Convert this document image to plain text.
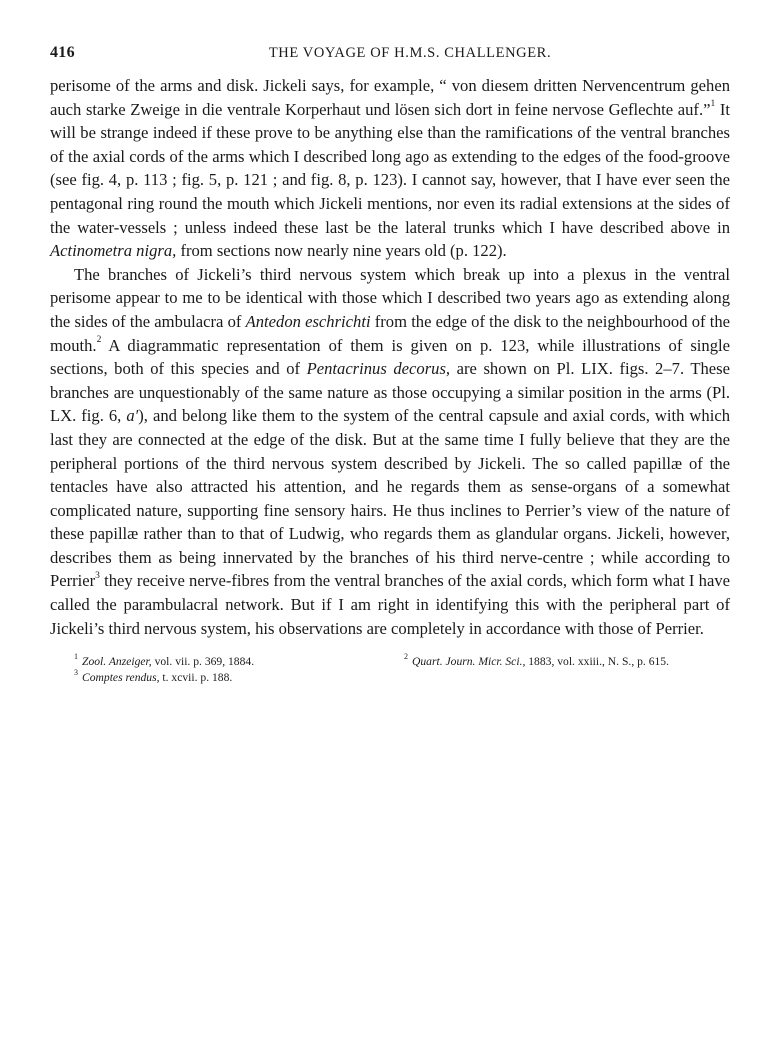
416	THE VOYAGE OF H.M.S. CHALLENGER.

perisome of the arms and disk. Jickeli says, for example, “ von diesem dritten Nervencentrum gehen auch starke Zweige in die ventrale Korperhaut und lösen sich dort in feine nervose Geflechte auf.”$^1$ It will be strange indeed if these prove to be anything else than the ramifications of the ventral branches of the axial cords of the arms which I described long ago as extending to the edges of the food-groove (see fig. 4, p. 113 ; fig. 5, p. 121 ; and fig. 8, p. 123). I cannot say, however, that I have ever seen the pentagonal ring round the mouth which Jickeli mentions, nor even its radial extensions at the sides of the water-vessels ; unless indeed these last be the lateral trunks which I have described above in Actinometra nigra, from sections now nearly nine years old (p. 122).

The branches of Jickeli’s third nervous system which break up into a plexus in the ventral perisome appear to me to be identical with those which I described two years ago as extending along the sides of the ambulacra of Antedon eschrichti from the edge of the disk to the neighbourhood of the mouth.$^2$ A diagrammatic representation of them is given on p. 123, while illustrations of single sections, both of this species and of Pentacrinus decorus, are shown on Pl. LIX. figs. 2–7. These branches are unquestionably of the same nature as those occupying a similar position in the arms (Pl. LX. fig. 6, a′), and belong like them to the system of the central capsule and axial cords, with which last they are connected at the edge of the disk. But at the same time I fully believe that they are the peripheral portions of the third nervous system described by Jickeli. The so called papillæ of the tentacles have also attracted his attention, and he regards them as sense-organs of a somewhat complicated nature, supporting fine sensory hairs. He thus inclines to Perrier’s view of the nature of these papillæ rather than to that of Ludwig, who regards them as glandular organs. Jickeli, however, describes them as being innervated by the branches of his third nerve-centre ; while according to Perrier$^3$ they receive nerve-fibres from the ventral branches of the axial cords, which form what I have called the parambulacral network. But if I am right in identifying this with the peripheral part of Jickeli’s third nervous system, his observations are completely in accordance with those of Perrier.

$^1$ Zool. Anzeiger, vol. vii. p. 369, 1884.	$^2$ Quart. Journ. Micr. Sci., 1883, vol. xxiii., N. S., p. 615.
$^3$ Comptes rendus, t. xcvii. p. 188.
